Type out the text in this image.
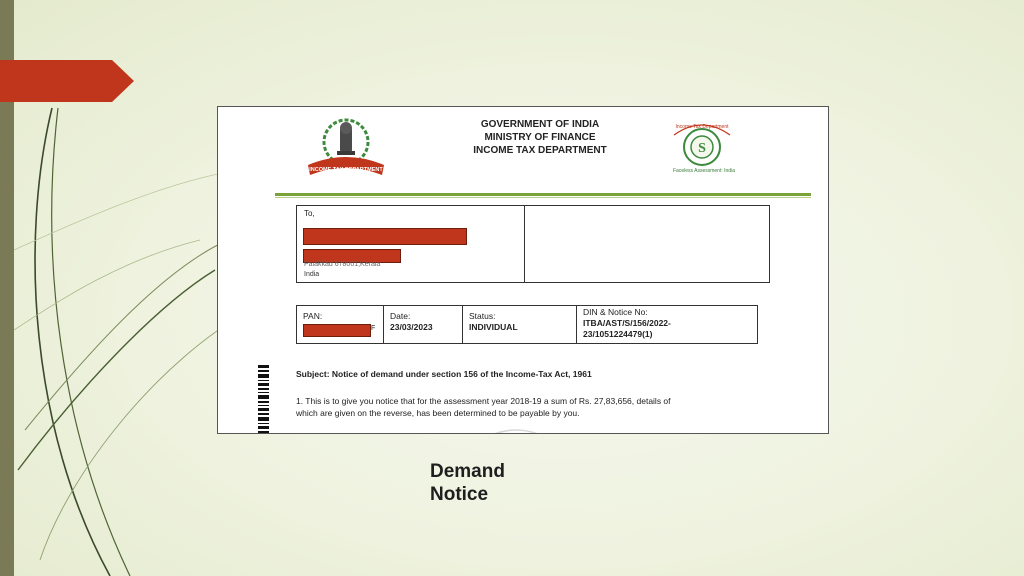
INCOME TAX DEPARTMENT
GOVERNMENT OF INDIA
MINISTRY OF FINANCE
INCOME TAX DEPARTMENT	S
Income Tax Department
Faceless Assessment: India
To,
Palakkad 678001,Kerala
India
PAN:
F
Date:
23/03/2023
Status:
INDIVIDUAL
DIN & Notice No:
ITBA/AST/S/156/2022-
23/1051224479(1)
Subject: Notice of demand under section 156 of the Income-Tax Act, 1961
1. This is to give you notice that for the assessment year 2018-19 a sum of Rs. 27,83,656, details of
which are given on the reverse, has been determined to be payable by you.
Demand
Notice
